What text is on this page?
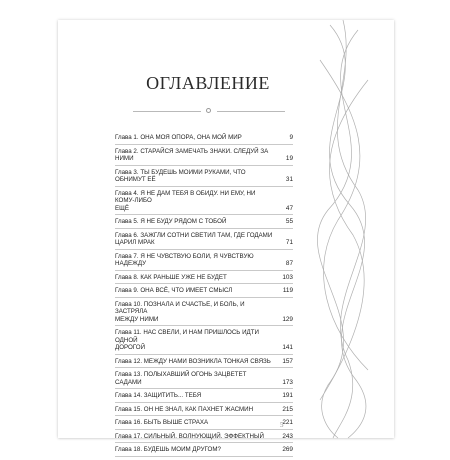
ОГЛАВЛЕНИЕ
Глава 1. ОНА МОЯ ОПОРА, ОНА МОЙ МИР	9
Глава 2. СТАРАЙСЯ ЗАМЕЧАТЬ ЗНАКИ. СЛЕДУЙ ЗА НИМИ	19
Глава 3. ТЫ БУДЕШЬ МОИМИ РУКАМИ, ЧТО ОБНИМУТ ЕЁ	31
Глава 4. Я НЕ ДАМ ТЕБЯ В ОБИДУ. НИ ЕМУ, НИ КОМУ-ЛИБО
ЕЩЁ	47
Глава 5. Я НЕ БУДУ РЯДОМ С ТОБОЙ	55
Глава 6. ЗАЖГЛИ СОТНИ СВЕТИЛ ТАМ, ГДЕ ГОДАМИ
ЦАРИЛ МРАК	71
Глава 7. Я НЕ ЧУВСТВУЮ БОЛИ, Я ЧУВСТВУЮ НАДЕЖДУ	87
Глава 8. КАК РАНЬШЕ УЖЕ НЕ БУДЕТ	103
Глава 9. ОНА ВСЁ, ЧТО ИМЕЕТ СМЫСЛ	119
Глава 10. ПОЗНАЛА И СЧАСТЬЕ, И БОЛЬ, И ЗАСТРЯЛА
МЕЖДУ НИМИ	129
Глава 11. НАС СВЕЛИ, И НАМ ПРИШЛОСЬ ИДТИ ОДНОЙ
ДОРОГОЙ	141
Глава 12. МЕЖДУ НАМИ ВОЗНИКЛА ТОНКАЯ СВЯЗЬ	157
Глава 13. ПОЛЫХАВШИЙ ОГОНЬ ЗАЦВЕТЕТ САДАМИ	173
Глава 14. ЗАЩИТИТЬ... ТЕБЯ	191
Глава 15. ОН НЕ ЗНАЛ, КАК ПАХНЕТ ЖАСМИН	215
Глава 16. БЫТЬ ВЫШЕ СТРАХА	221
Глава 17. СИЛЬНЫЙ. ВОЛНУЮЩИЙ. ЭФФЕКТНЫЙ	243
Глава 18. БУДЕШЬ МОИМ ДРУГОМ?	269
5
